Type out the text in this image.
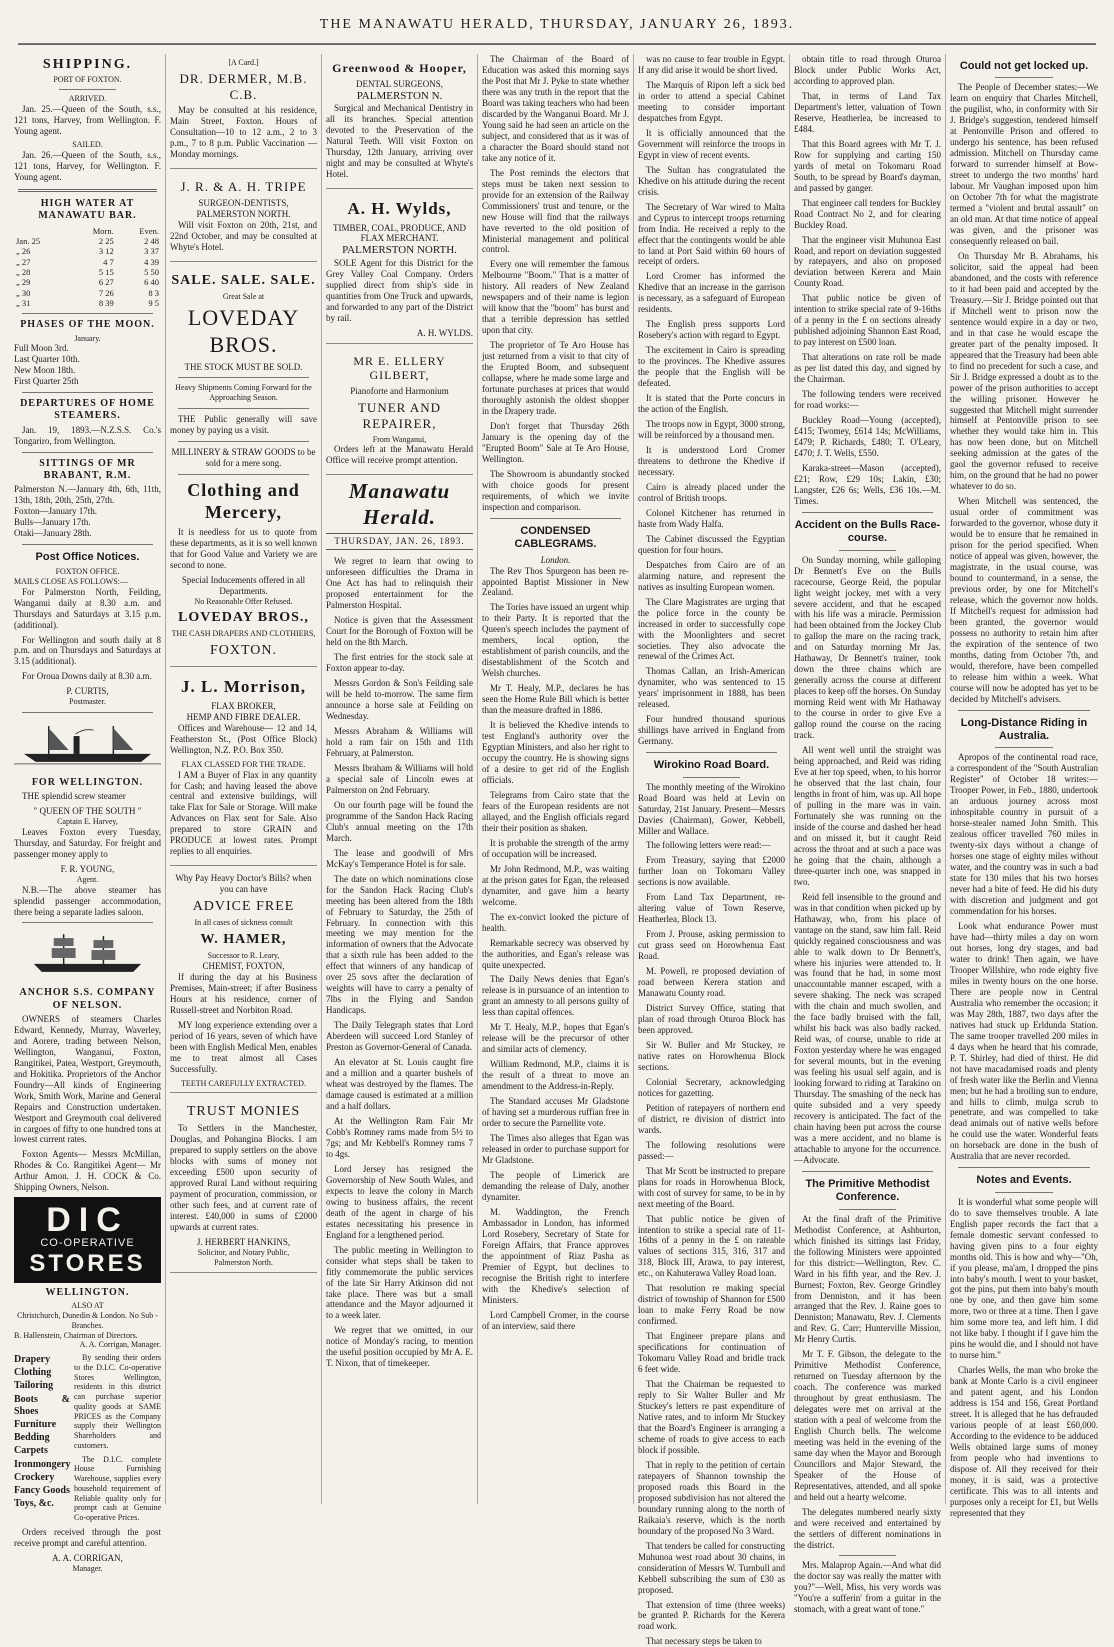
THE MANAWATU HERALD, THURSDAY, JANUARY 26, 1893.
SHIPPING.
PORT OF FOXTON.
ARRIVED.

Jan. 25.—Queen of the South, s.s., 121 tons, Harvey, from Wellington. F. Young agent.

SAILED.

Jan. 26.—Queen of the South, s.s., 121 tons, Harvey, for Wellington. F. Young agent.

HIGH WATER AT MANAWATU BAR.
	Morn.	Even.
Jan. 25	2 25	2 48
„ 26	3 12	3 37
„ 27	4 7	4 39
„ 28	5 15	5 50
„ 29	6 27	6 40
„ 30	7 26	8 3
„ 31	8 39	9 5
PHASES OF THE MOON.
January.
Full Moon 3rd.
Last Quarter 10th.
New Moon 18th.
First Quarter 25th
DEPARTURES OF HOME STEAMERS.

Jan. 19, 1893.—N.Z.S.S. Co.'s Tongariro, from Wellington.

SITTINGS OF MR BRABANT, R.M.
Palmerston N.—January 4th, 6th, 11th, 13th, 18th, 20th, 25th, 27th.
Foxton—January 17th.
Bulls—January 17th.
Otaki—January 28th.
Post Office Notices.
FOXTON OFFICE.
MAILS CLOSE AS FOLLOWS:—

For Palmerston North, Feilding, Wanganui daily at 8.30 a.m. and Thursdays and Saturdays at 3.15 p.m. (additional).

For Wellington and south daily at 8 p.m. and on Thursdays and Saturdays at 3.15 (additional).

For Oroua Downs daily at 8.30 a.m.

P. CURTIS,
Postmaster.
FOR WELLINGTON.

THE splendid screw steamer

" QUEEN OF THE SOUTH "
Captain E. Harvey,

Leaves Foxton every Tuesday, Thursday, and Saturday. For freight and passenger money apply to

F. R. YOUNG,
Agent.

N.B.—The above steamer has splendid passenger accommodation, there being a separate ladies saloon.

ANCHOR S.S. COMPANY OF NELSON.

OWNERS of steamers Charles Edward, Kennedy, Murray, Waverley, and Aorere, trading between Nelson, Wellington, Wanganui, Foxton, Rangitikei, Patea, Westport, Greymouth, and Hokitika. Proprietors of the Anchor Foundry—All kinds of Engineering Work, Smith Work, Marine and General Repairs and Construction undertaken. Westport and Greymouth coal delivered in cargoes of fifty to one hundred tons at lowest current rates.

Foxton Agents— Messrs McMillan, Rhodes & Co. Rangitikei Agent— Mr Arthur Amon. J. H. COCK & Co. Shipping Owners, Nelson.

DIC
CO-OPERATIVE
STORES
WELLINGTON.
ALSO AT
Christchurch, Dunedin & London. No Sub - Branches.
B. Hallenstein, Chairman of Directors.
A. A. Corrigan, Manager.
Drapery
Clothing
Tailoring
Boots & Shoes
Furniture
Bedding
Carpets
Ironmongery
Crockery
Fancy Goods
Toys, &c.

By sending their orders to the D.I.C. Co-operative Stores Wellington, residents in this district can purchase superior quality goods at SAME PRICES as the Company supply their Wellington Shareholders and customers.

The D.I.C. complete House Furnishing Warehouse, supplies every household requirement of Reliable quality only for prompt cash at Genuine Co-operative Prices.

Orders received through the post receive prompt and careful attention.

A. A. CORRIGAN,
Manager.
[A Card.]
DR. DERMER, M.B. C.B.

May be consulted at his residence, Main Street, Foxton. Hours of Consultation—10 to 12 a.m., 2 to 3 p.m., 7 to 8 p.m. Public Vaccination — Monday mornings.

J. R. & A. H. TRIPE
SURGEON-DENTISTS,
PALMERSTON NORTH.

Will visit Foxton on 20th, 21st, and 22nd October, and may be consulted at Whyte's Hotel.

SALE. SALE. SALE.
Great Sale at
LOVEDAY BROS.
THE STOCK MUST BE SOLD.
Heavy Shipments Coming Forward for the Approaching Season.

THE Public generally will save money by paying us a visit.

MILLINERY & STRAW GOODS to be sold for a mere song.
Clothing and Mercery,

It is needless for us to quote from these departments, as it is so well known that for Good Value and Variety we are second to none.

Special Inducements offered in all Departments.
No Reasonable Offer Refused.
LOVEDAY BROS.,
THE CASH DRAPERS AND CLOTHIERS,
FOXTON.
J. L. Morrison,
FLAX BROKER,
HEMP AND FIBRE DEALER.

Offices and Warehouse— 12 and 14, Featherston St., (Post Office Block) Wellington, N.Z. P.O. Box 350.

FLAX CLASSED FOR THE TRADE.

I AM a Buyer of Flax in any quantity for Cash; and having leased the above central and extensive buildings, will take Flax for Sale or Storage. Will make Advances on Flax sent for Sale. Also prepared to store GRAIN and PRODUCE at lowest rates. Prompt replies to all enquiries.

Why Pay Heavy Doctor's Bills? when you can have
ADVICE FREE
In all cases of sickness consult
W. HAMER,
Successor to R. Leary,
CHEMIST, FOXTON,

If during the day at his Business Premises, Main-street; if after Business Hours at his residence, corner of Russell-street and Norbiton Road.

MY long experience extending over a period of 16 years, seven of which have been with English Medical Men, enables me to treat almost all Cases Successfully.

TEETH CAREFULLY EXTRACTED.
TRUST MONIES

To Settlers in the Manchester, Douglas, and Pohangina Blocks. I am prepared to supply settlers on the above blocks with sums of money not exceeding £500 upon security of approved Rural Land without requiring payment of procuration, commission, or other such fees, and at current rate of interest. £40,000 in sums of £2000 upwards at current rates.

J. HERBERT HANKINS,
Solicitor, and Notary Public,
Palmerston North.
Greenwood & Hooper,
DENTAL SURGEONS,
PALMERSTON N.

Surgical and Mechanical Dentistry in all its branches. Special attention devoted to the Preservation of the Natural Teeth. Will visit Foxton on Thursday, 12th January, arriving over night and may be consulted at Whyte's Hotel.

A. H. Wylds,
TIMBER, COAL, PRODUCE, AND FLAX MERCHANT.
PALMERSTON NORTH.

SOLE Agent for this District for the Grey Valley Coal Company. Orders supplied direct from ship's side in quantities from One Truck and upwards, and forwarded to any part of the District by rail.

A. H. WYLDS.
MR E. ELLERY GILBERT,
Pianoforte and Harmonium
TUNER AND REPAIRER,
From Wanganui,

Orders left at the Manawatu Herald Office will receive prompt attention.

Manawatu Herald.
THURSDAY, JAN. 26, 1893.

We regret to learn that owing to unforeseen difficulties the Drama in One Act has had to relinquish their proposed entertainment for the Palmerston Hospital.

Notice is given that the Assessment Court for the Borough of Foxton will be held on the 8th March.

The first entries for the stock sale at Foxton appear to-day.

Messrs Gordon & Son's Feilding sale will be held to-morrow. The same firm announce a horse sale at Feilding on Wednesday.

Messrs Abraham & Williams will hold a ram fair on 15th and 11th February, at Palmerston.

Messrs Ibraham & Williams will hold a special sale of Lincoln ewes at Palmerston on 2nd February.

On our fourth page will be found the programme of the Sandon Hack Racing Club's annual meeting on the 17th March.

The lease and goodwill of Mrs McKay's Temperance Hotel is for sale.

The date on which nominations close for the Sandon Hack Racing Club's meeting has been altered from the 18th of February to Saturday, the 25th of February. In connection with this meeting we may mention for the information of owners that the Advocate that a sixth rule has been added to the effect that winners of any handicap of over 25 sovs after the declaration of weights will have to carry a penalty of 7lbs in the Flying and Sandon Handicaps.

The Daily Telegraph states that Lord Aberdeen will succeed Lord Stanley of Preston as Governor-General of Canada.

An elevator at St. Louis caught fire and a million and a quarter bushels of wheat was destroyed by the flames. The damage caused is estimated at a million and a half dollars.

At the Wellington Ram Fair Mr Cobb's Romney rams made from 5½ to 7gs; and Mr Kebbell's Romney rams 7 to 4gs.

Lord Jersey has resigned the Governorship of New South Wales, and expects to leave the colony in March owing to business affairs, the recent death of the agent in charge of his estates necessitating his presence in England for a lengthened period.

The public meeting in Wellington to consider what steps shall be taken to fitly commemorate the public services of the late Sir Harry Atkinson did not take place. There was but a small attendance and the Mayor adjourned it to a week later.

We regret that we omitted, in our notice of Monday's racing, to mention the useful position occupied by Mr A. E. T. Nixon, that of timekeeper.

The Chairman of the Board of Education was asked this morning says the Post that Mr J. Pyke to state whether there was any truth in the report that the Board was taking teachers who had been discarded by the Wanganui Board. Mr J. Young said he had seen an article on the subject, and considered that as it was of a character the Board should stand not take any notice of it.

The Post reminds the electors that steps must be taken next session to provide for an extension of the Railway Commissioners' trust and tenure, or the new House will find that the railways have reverted to the old position of Ministerial management and political control.

Every one will remember the famous Melbourne "Boom." That is a matter of history. All readers of New Zealand newspapers and of their name is legion will know that the "boom" has burst and that a terrible depression has settled upon that city.

The proprietor of Te Aro House has just returned from a visit to that city of the Erupted Boom, and subsequent collapse, where he made some large and fortunate purchases at prices that would thoroughly astonish the oldest shopper in the Drapery trade.

Don't forget that Thursday 26th January is the opening day of the "Erupted Boom" Sale at Te Aro House, Wellington.

The Showroom is abundantly stocked with choice goods for present requirements, of which we invite inspection and comparison.

CONDENSED CABLEGRAMS.
London.

The Rev Thos Spurgeon has been re-appointed Baptist Missioner in New Zealand.

The Tories have issued an urgent whip to their Party. It is reported that the Queen's speech includes the payment of members, local option, the establishment of parish councils, and the disestablishment of the Scotch and Welsh churches.

Mr T. Healy, M.P., declares he has seen the Home Rule Bill which is better than the measure drafted in 1886.

It is believed the Khedive intends to test England's authority over the Egyptian Ministers, and also her right to occupy the country. He is showing signs of a desire to get rid of the English officials.

Telegrams from Cairo state that the fears of the European residents are not allayed, and the English officials regard their their position as shaken.

It is probable the strength of the army of occupation will be increased.

Mr John Redmond, M.P., was waiting at the prison gates for Egan, the released dynamiter, and gave him a hearty welcome.

The ex-convict looked the picture of health.

Remarkable secrecy was observed by the authorities, and Egan's release was quite unexpected.

The Daily News denies that Egan's release is in pursuance of an intention to grant an amnesty to all persons guilty of less than capital offences.

Mr T. Healy, M.P., hopes that Egan's release will be the precursor of other and similar acts of clemency.

William Redmond, M.P., claims it is the result of a threat to move an amendment to the Address-in-Reply.

The Standard accuses Mr Gladstone of having set a murderous ruffian free in order to secure the Parnellite vote.

The Times also alleges that Egan was released in order to purchase support for Mr Gladstone.

The people of Limerick are demanding the release of Daly, another dynamiter.

M. Waddington, the French Ambassador in London, has informed Lord Rosebery, Secretary of State for Foreign Affairs, that France approves the appointment of Riaz Pasha as Premier of Egypt, but declines to recognise the British right to interfere with the Khedive's selection of Ministers.

Lord Campbell Cromer, in the course of an interview, said there

was no cause to fear trouble in Egypt. If any did arise it would be short lived.

The Marquis of Ripon left a sick bed in order to attend a special Cabinet meeting to consider important despatches from Egypt.

It is officially announced that the Government will reinforce the troops in Egypt in view of recent events.

The Sultan has congratulated the Khedive on his attitude during the recent crisis.

The Secretary of War wired to Malta and Cyprus to intercept troops returning from India. He received a reply to the effect that the contingents would be able to land at Port Said within 60 hours of receipt of orders.

Lord Cromer has informed the Khedive that an increase in the garrison is necessary, as a safeguard of European residents.

The English press supports Lord Rosebery's action with regard to Egypt.

The excitement in Cairo is spreading to the provinces. The Khedive assures the people that the English will be defeated.

It is stated that the Porte concurs in the action of the English.

The troops now in Egypt, 3000 strong, will be reinforced by a thousand men.

It is understood Lord Cromer threatens to dethrone the Khedive if necessary.

Cairo is already placed under the control of British troops.

Colonel Kitchener has returned in haste from Wady Halfa.

The Cabinet discussed the Egyptian question for four hours.

Despatches from Cairo are of an alarming nature, and represent the natives as insulting European women.

The Clare Magistrates are urging that the police force in the county be increased in order to successfully cope with the Moonlighters and secret societies. They also advocate the renewal of the Crimes Act.

Thomas Callan, an Irish-American dynamiter, who was sentenced to 15 years' imprisonment in 1888, has been released.

Four hundred thousand spurious shillings have arrived in England from Germany.

Wirokino Road Board.

The monthly meeting of the Wirokino Road Board was held at Levin on Saturday, 21st January. Present—Messrs Davies (Chairman), Gower, Kebbell, Miller and Wallace.

The following letters were read:—

From Treasury, saying that £2000 further loan on Tokomaru Valley sections is now available.

From Land Tax Department, re-altering value of Town Reserve, Heatherlea, Block 13.

From J. Prouse, asking permission to cut grass seed on Horowhenua East Road.

M. Powell, re proposed deviation of road between Kerera station and Manawatu County road.

District Survey Office, stating that plan of road through Oturoa Block has been approved.

Sir W. Buller and Mr Stuckey, re native rates on Horowhenua Block sections.

Colonial Secretary, acknowledging notices for gazetting.

Petition of ratepayers of northern end of district, re division of district into wards.

The following resolutions were passed:—

That Mr Scott be instructed to prepare plans for roads in Horowhenua Block, with cost of survey for same, to be in by next meeting of the Board.

That public notice be given of intention to strike a special rate of 11-16ths of a penny in the £ on rateable values of sections 315, 316, 317 and 318, Block III, Arawa, to pay interest, etc., on Kahuterawa Valley Road loan.

That resolution re making special district of township of Shannon for £500 loan to make Ferry Road be now confirmed.

That Engineer prepare plans and specifications for continuation of Tokomaru Valley Road and bridle track 6 feet wide.

That the Chairman be requested to reply to Sir Walter Buller and Mr Stuckey's letters re past expenditure of Native rates, and to inform Mr Stuckey that the Board's Engineer is arranging a scheme of roads to give access to each block if possible.

That in reply to the petition of certain ratepayers of Shannon township the proposed roads this Board in the proposed subdivision has not altered the boundary running along to the north of Raikaia's reserve, which is the north boundary of the proposed No 3 Ward.

That tenders be called for constructing Muhunoa west road about 30 chains, in consideration of Messrs W. Turnbull and Kebbell subscribing the sum of £30 as proposed.

That extension of time (three weeks) be granted P. Richards for the Kerera road work.

That necessary steps be taken to

obtain title to road through Oturoa Block under Public Works Act, according to approved plan.

That, in terms of Land Tax Department's letter, valuation of Town Reserve, Heatherlea, be increased to £484.

That this Board agrees with Mr T. J. Row for supplying and carting 150 yards of metal on Tokomaru Road South, to be spread by Board's dayman, and passed by ganger.

That engineer call tenders for Buckley Road Contract No 2, and for clearing Buckley Road.

That the engineer visit Muhunoa East Road, and report on deviation suggested by ratepayers, and also on proposed deviation between Kerera and Main County Road.

That public notice be given of intention to strike special rate of 9-16ths of a penny in the £ on sections already published adjoining Shannon East Road, to pay interest on £500 loan.

That alterations on rate roll be made as per list dated this day, and signed by the Chairman.

The following tenders were received for road works:—

Buckley Road—Young (accepted), £415; Twomey, £614 14s; McWilliams, £479; P. Richards, £480; T. O'Leary, £470; J. T. Wells, £550.

Karaka-street—Mason (accepted), £21; Row, £29 10s; Lakin, £30; Langster, £26 6s; Wells, £36 10s.—M. Times.

Accident on the Bulls Race-course.

On Sunday morning, while galloping Dr Bennett's Eve on the Bulls racecourse, George Reid, the popular light weight jockey, met with a very severe accident, and that he escaped with his life was a miracle. Permission had been obtained from the Jockey Club to gallop the mare on the racing track, and on Saturday morning Mr Jas. Hathaway, Dr Bennett's trainer, took down the three chains which are generally across the course at different places to keep off the horses. On Sunday morning Reid went with Mr Hathaway to the course in order to give Eve a gallop round the course on the racing track.

All went well until the straight was being approached, and Reid was riding Eve at her top speed, when, to his horror he observed that the last chain, four lengths in front of him, was up. All hope of pulling in the mare was in vain. Fortunately she was running on the inside of the course and dashed her head and on missed it, but it caught Reid across the throat and at such a pace was he going that the chain, although a three-quarter inch one, was snapped in two.

Reid fell insensible to the ground and was in that condition when picked up by Hathaway, who, from his place of vantage on the stand, saw him fall. Reid quickly regained consciousness and was able to walk down to Dr Bennett's, where his injuries were attended to. It was found that he had, in some most unaccountable manner escaped, with a severe shaking. The neck was scraped with the chain and much swollen, and the face badly bruised with the fall, whilst his back was also badly racked. Reid was, of course, unable to ride at Foxton yesterday where he was engaged for several mounts, but in the evening was feeling his usual self again, and is looking forward to riding at Tarakino on Thursday. The smashing of the neck has quite subsided and a very speedy recovery is anticipated. The fact of the chain having been put across the course was a mere accident, and no blame is attachable to anyone for the occurrence.—Advocate.

The Primitive Methodist Conference.

At the final draft of the Primitive Methodist Conference, at Ashburton, which finished its sittings last Friday, the following Ministers were appointed for this district:—Wellington, Rev. C. Ward in his fifth year, and the Rev. J. Burnest; Foxton, Rev. George Grindley from Denniston, and it has been arranged that the Rev. J. Raine goes to Denniston; Manawatu, Rev. J. Clements and Rev. G. Carr; Hunterville Mission, Mr Henry Curtis.

Mr T. F. Gibson, the delegate to the Primitive Methodist Conference, returned on Tuesday afternoon by the coach. The conference was marked throughout by great enthusiasm. The delegates were met on arrival at the station with a peal of welcome from the English Church bells. The welcome meeting was held in the evening of the same day when the Mayor and Borough Councillors and Major Steward, the Speaker of the House of Representatives, attended, and all spoke and held out a hearty welcome.

The delegates numbered nearly sixty and were received and entertained by the settlers of different nominations in the district.

Mrs. Malaprop Again.—And what did the doctor say was really the matter with you?"—Well, Miss, his very words was "You're a sufferin' from a guitar in the stomach, with a great want of tone."

Could not get locked up.

The People of December states:—We learn on enquiry that Charles Mitchell, the pugilist, who, in conformity with Sir J. Bridge's suggestion, tendered himself at Pentonville Prison and offered to undergo his sentence, has been refused admission. Mitchell on Thursday came forward to surrender himself at Bow-street to undergo the two months' hard labour. Mr Vaughan imposed upon him on October 7th for what the magistrate termed a "violent and brutal assault" on an old man. At that time notice of appeal was given, and the prisoner was consequently released on bail.

On Thursday Mr B. Abrahams, his solicitor, said the appeal had been abandoned, and the costs with reference to it had been paid and accepted by the Treasury.—Sir J. Bridge pointed out that if Mitchell went to prison now the sentence would expire in a day or two, and in that case he would escape the greater part of the penalty imposed. It appeared that the Treasury had been able to find no precedent for such a case, and Sir J. Bridge expressed a doubt as to the power of the prison authorities to accept the willing prisoner. However he suggested that Mitchell might surrender himself at Pentonville prison to see whether they would take him in. This has now been done, but on Mitchell seeking admission at the gates of the gaol the governor refused to receive him, on the ground that he had no power whatever to do so.

When Mitchell was sentenced, the usual order of commitment was forwarded to the governor, whose duty it would be to ensure that he remained in prison for the period specified. When notice of appeal was given, however, the magistrate, in the usual course, was bound to countermand, in a sense, the previous order, by one for Mitchell's release, which the governor now holds. If Mitchell's request for admission had been granted, the governor would possess no authority to retain him after the expiration of the sentence of two months, dating from October 7th, and would, therefore, have been compelled to release him within a week. What course will now be adopted has yet to be decided by Mitchell's advisers.

Long-Distance Riding in Australia.

Apropos of the continental road race, a correspondent of the "South Australian Register" of October 18 writes:—Trooper Power, in Feb., 1880, undertook an arduous journey across most inhospitable country in pursuit of a horse-stealer named John Smith. This zealous officer travelled 760 miles in twenty-six days without a change of horses one stage of eighty miles without water, and the country was in such a bad state for 130 miles that his two horses never had a bite of feed. He did his duty with discretion and judgment and got commendation for his horses.

Look what endurance Power must have had—thirty miles a day on worn out horses, long dry stages, and bad water to drink! Then again, we have Trooper Willshire, who rode eighty five miles in twenty hours on the one horse. There are people now in Central Australia who remember the occasion; it was May 28th, 1887, two days after the natives had stuck up Erldunda Station. The same trooper travelled 200 miles in 4 days when he heard that his comrade, P. T. Shirley, had died of thirst. He did not have macadamised roads and plenty of fresh water like the Berlin and Vienna men; but he had a broiling sun to endure, and hills to climb, mulga scrub to penetrate, and was compelled to take dead animals out of native wells before he could use the water. Wonderful feats on horseback are done in the bush of Australia that are never recorded.

Notes and Events.

It is wonderful what some people will do to save themselves trouble. A late English paper records the fact that a female domestic servant confessed to having given pins to a four eighty months old. This is how and why—"Oh, if you please, ma'am, I dropped the pins into baby's mouth. I went to your basket, got the pins, put them into baby's mouth one by one, and then gave him some more, two or three at a time. Then I gave him some more tea, and left him. I did not like baby. I thought if I gave him the pins he would die, and I should not have to nurse him."

Charles Wells, the man who broke the bank at Monte Carlo is a civil engineer and patent agent, and his London address is 154 and 156, Great Portland street. It is alleged that he has defrauded various people of at least £60,000. According to the evidence to be adduced Wells obtained large sums of money from people who had inventions to dispose of. All they received for their money, it is said, was a protective certificate. This was to all intents and purposes only a receipt for £1, but Wells represented that they
